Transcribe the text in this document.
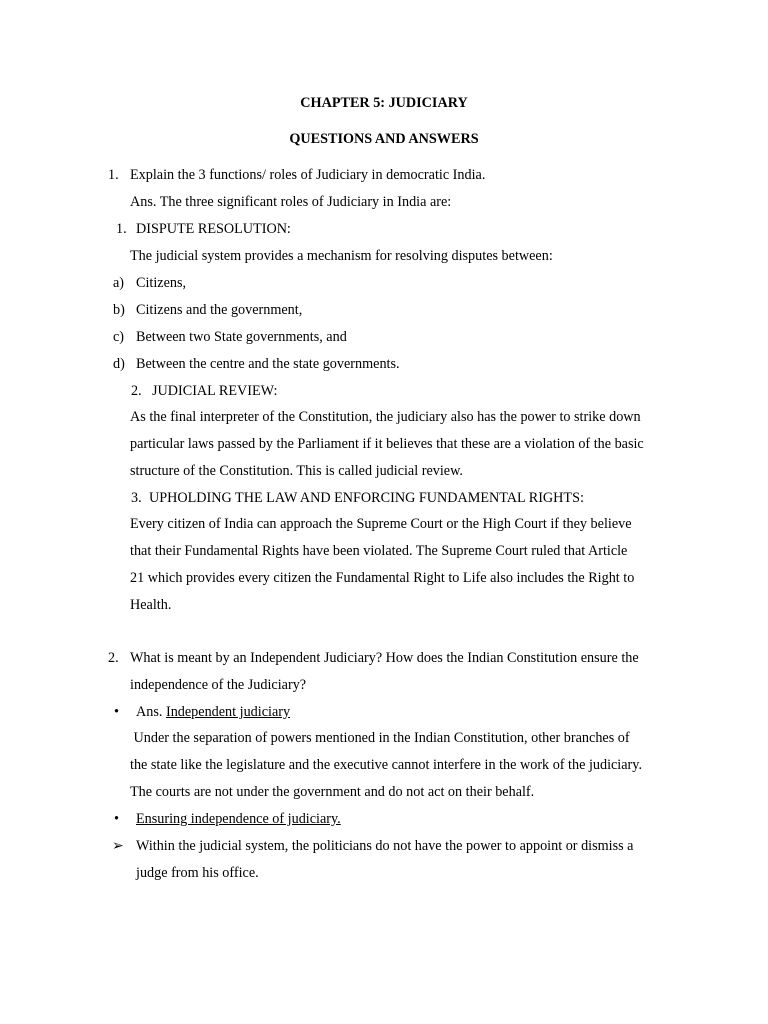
CHAPTER 5: JUDICIARY
QUESTIONS AND ANSWERS
1. Explain the 3 functions/ roles of Judiciary in democratic India.
Ans. The three significant roles of Judiciary in India are:
1. DISPUTE RESOLUTION:
The judicial system provides a mechanism for resolving disputes between:
a) Citizens,
b) Citizens and the government,
c) Between two State governments, and
d) Between the centre and the state governments.
2. JUDICIAL REVIEW:
As the final interpreter of the Constitution, the judiciary also has the power to strike down
particular laws passed by the Parliament if it believes that these are a violation of the basic
structure of the Constitution. This is called judicial review.
3. UPHOLDING THE LAW AND ENFORCING FUNDAMENTAL RIGHTS:
Every citizen of India can approach the Supreme Court or the High Court if they believe
that their Fundamental Rights have been violated. The Supreme Court ruled that Article
21 which provides every citizen the Fundamental Right to Life also includes the Right to
Health.
2. What is meant by an Independent Judiciary? How does the Indian Constitution ensure the
independence of the Judiciary?
• Ans. Independent judiciary
Under the separation of powers mentioned in the Indian Constitution, other branches of
the state like the legislature and the executive cannot interfere in the work of the judiciary.
The courts are not under the government and do not act on their behalf.
• Ensuring independence of judiciary.
➢ Within the judicial system, the politicians do not have the power to appoint or dismiss a
judge from his office.
